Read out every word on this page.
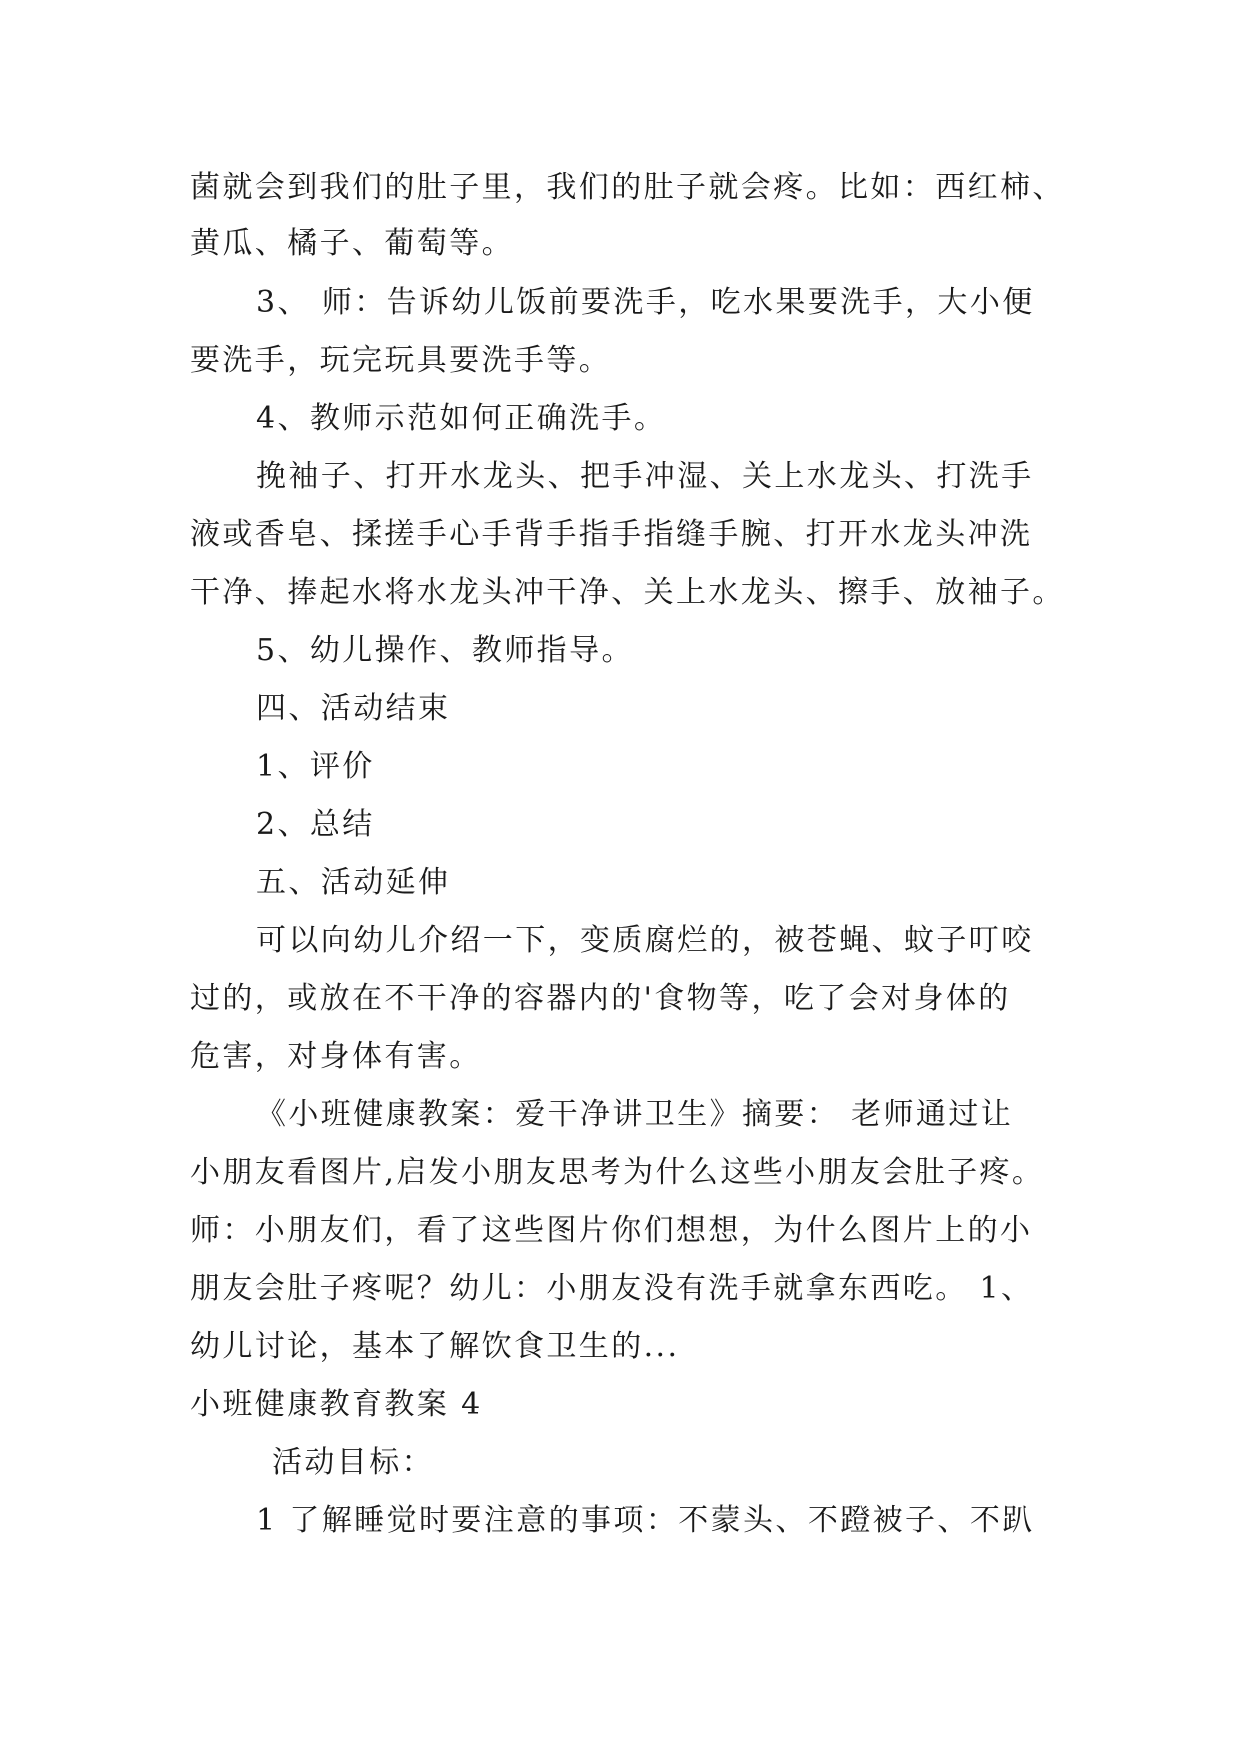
菌就会到我们的肚子里，我们的肚子就会疼。比如：西红柿、
黄瓜、橘子、葡萄等。
3、 师：告诉幼儿饭前要洗手，吃水果要洗手，大小便
要洗手，玩完玩具要洗手等。
4、教师示范如何正确洗手。
挽袖子、打开水龙头、把手冲湿、关上水龙头、打洗手
液或香皂、揉搓手心手背手指手指缝手腕、打开水龙头冲洗
干净、捧起水将水龙头冲干净、关上水龙头、擦手、放袖子。
5、幼儿操作、教师指导。
四、活动结束
1、评价
2、总结
五、活动延伸
可以向幼儿介绍一下，变质腐烂的，被苍蝇、蚊子叮咬
过的，或放在不干净的容器内的'食物等，吃了会对身体的
危害，对身体有害。
《小班健康教案：爱干净讲卫生》摘要： 老师通过让
小朋友看图片,启发小朋友思考为什么这些小朋友会肚子疼。
师：小朋友们，看了这些图片你们想想，为什么图片上的小
朋友会肚子疼呢？幼儿：小朋友没有洗手就拿东西吃。 1、
幼儿讨论，基本了解饮食卫生的...
小班健康教育教案 4
活动目标：
1 了解睡觉时要注意的事项：不蒙头、不蹬被子、不趴
